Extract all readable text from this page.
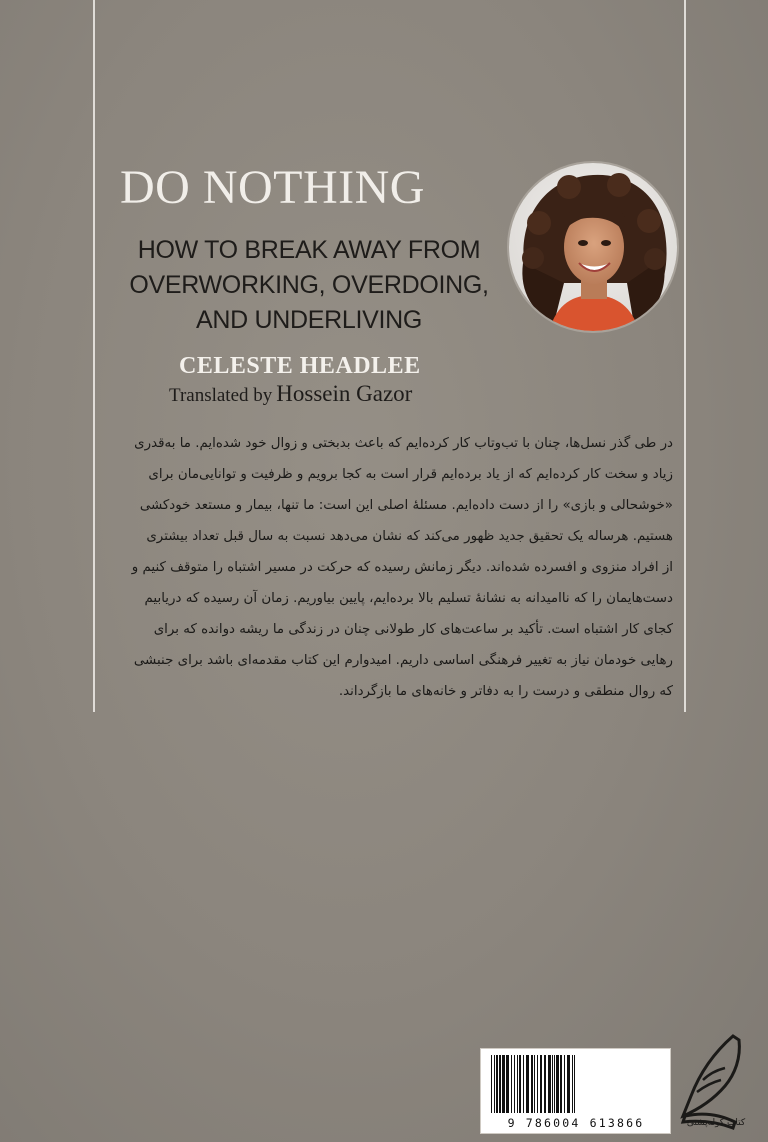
DO NOTHING
HOW TO BREAK AWAY FROM
OVERWORKING, OVERDOING,
AND UNDERLIVING
CELESTE HEADLEE
Translated by Hossein Gazor

در طی گذر نسل‌ها، چنان با تب‌وتاب کار کرده‌ایم که باعث بدبختی و زوال خود شده‌ایم. ما به‌قدری

زیاد و سخت کار کرده‌ایم که از یاد برده‌ایم قرار است به کجا برویم و ظرفیت و توانایی‌مان برای

«خوشحالی و بازی» را از دست داده‌ایم. مسئلهٔ اصلی این است: ما تنها، بیمار و مستعد خودکشی

هستیم. هرساله یک تحقیق جدید ظهور می‌کند که نشان می‌دهد نسبت به سال قبل تعداد بیشتری

از افراد منزوی و افسرده شده‌اند. دیگر زمانش رسیده که حرکت در مسیر اشتباه را متوقف کنیم و

دست‌هایمان را که ناامیدانه به نشانهٔ تسلیم بالا برده‌ایم، پایین بیاوریم. زمان آن رسیده که دریابیم

کجای کار اشتباه است. تأکید بر ساعت‌های کار طولانی چنان در زندگی ما ریشه دوانده که برای

رهایی خودمان نیاز به تغییر فرهنگی اساسی داریم. امیدوارم این کتاب مقدمه‌ای باشد برای جنبشی

که روال منطقی و درست را به دفاتر و خانه‌های ما بازگرداند.

9 786004 613866	کتاب کوله‌پشتی
